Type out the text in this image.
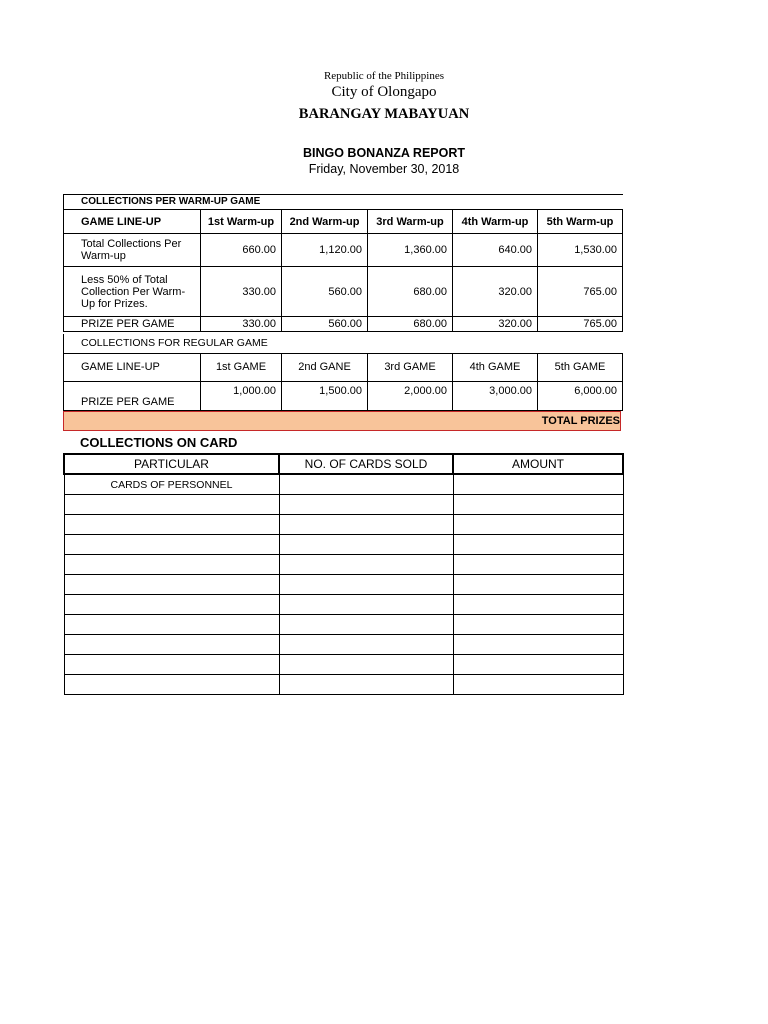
Republic of the Philippines
City of Olongapo
BARANGAY MABAYUAN
BINGO BONANZA REPORT
Friday, November 30, 2018
COLLECTIONS PER WARM-UP GAME					
GAME LINE-UP	1st Warm-up	2nd Warm-up	3rd Warm-up	4th Warm-up	5th Warm-up
Total Collections Per Warm-up	660.00	1,120.00	1,360.00	640.00	1,530.00
Less 50% of Total Collection Per Warm-Up for Prizes.	330.00	560.00	680.00	320.00	765.00
PRIZE PER GAME	330.00	560.00	680.00	320.00	765.00
COLLECTIONS FOR REGULAR GAME					
GAME LINE-UP	1st GAME	2nd GANE	3rd GAME	4th GAME	5th GAME
PRIZE PER GAME	1,000.00	1,500.00	2,000.00	3,000.00	6,000.00
TOTAL PRIZES
COLLECTIONS ON CARD
PARTICULAR	NO. OF CARDS SOLD	AMOUNT
CARDS OF PERSONNEL		
